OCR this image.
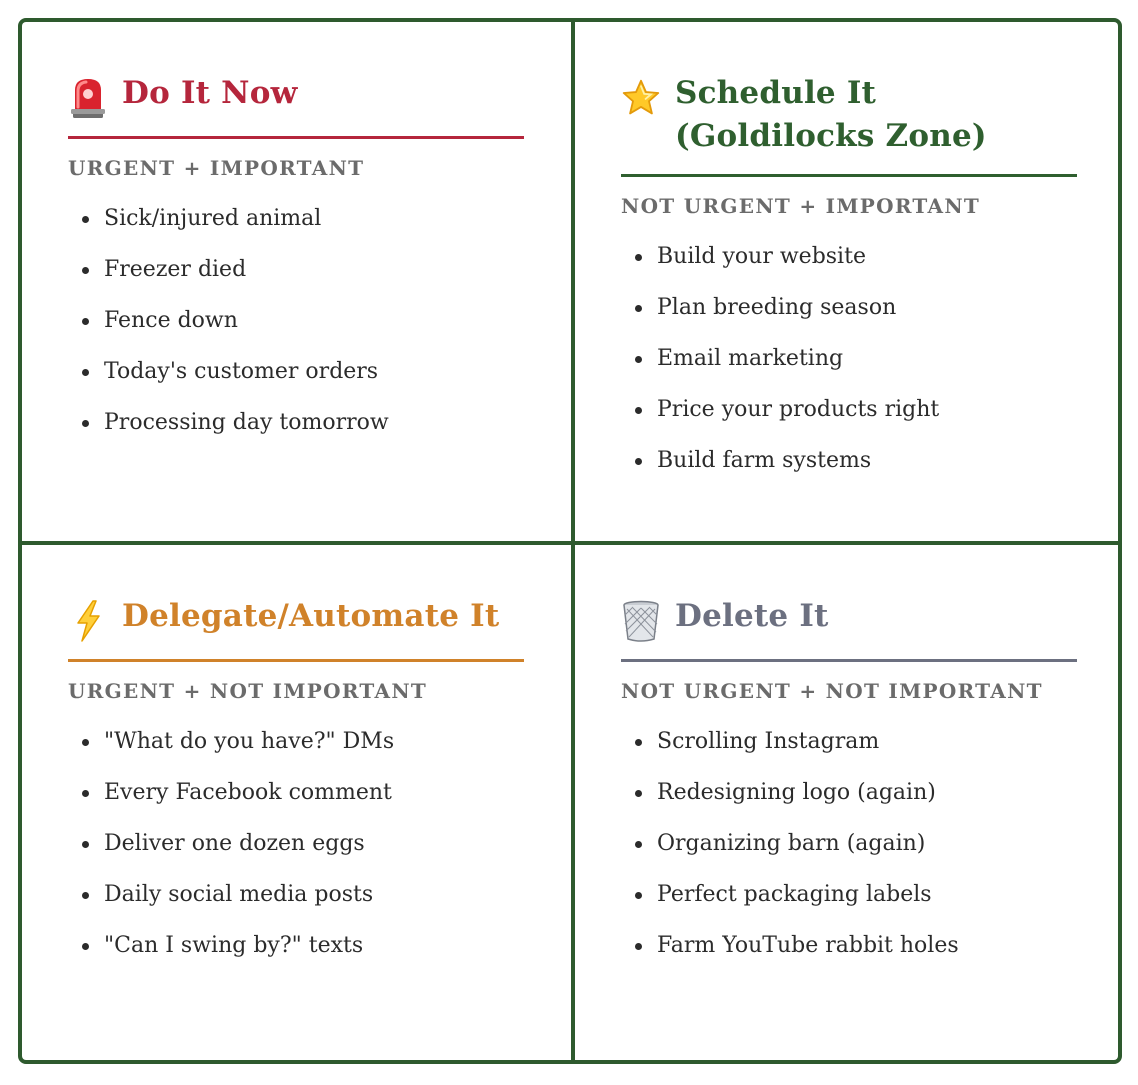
Do It Now
URGENT + IMPORTANT
Sick/injured animal
Freezer died
Fence down
Today's customer orders
Processing day tomorrow
Schedule It (Goldilocks Zone)
NOT URGENT + IMPORTANT
Build your website
Plan breeding season
Email marketing
Price your products right
Build farm systems
Delegate/Automate It
URGENT + NOT IMPORTANT
"What do you have?" DMs
Every Facebook comment
Deliver one dozen eggs
Daily social media posts
"Can I swing by?" texts
Delete It
NOT URGENT + NOT IMPORTANT
Scrolling Instagram
Redesigning logo (again)
Organizing barn (again)
Perfect packaging labels
Farm YouTube rabbit holes
